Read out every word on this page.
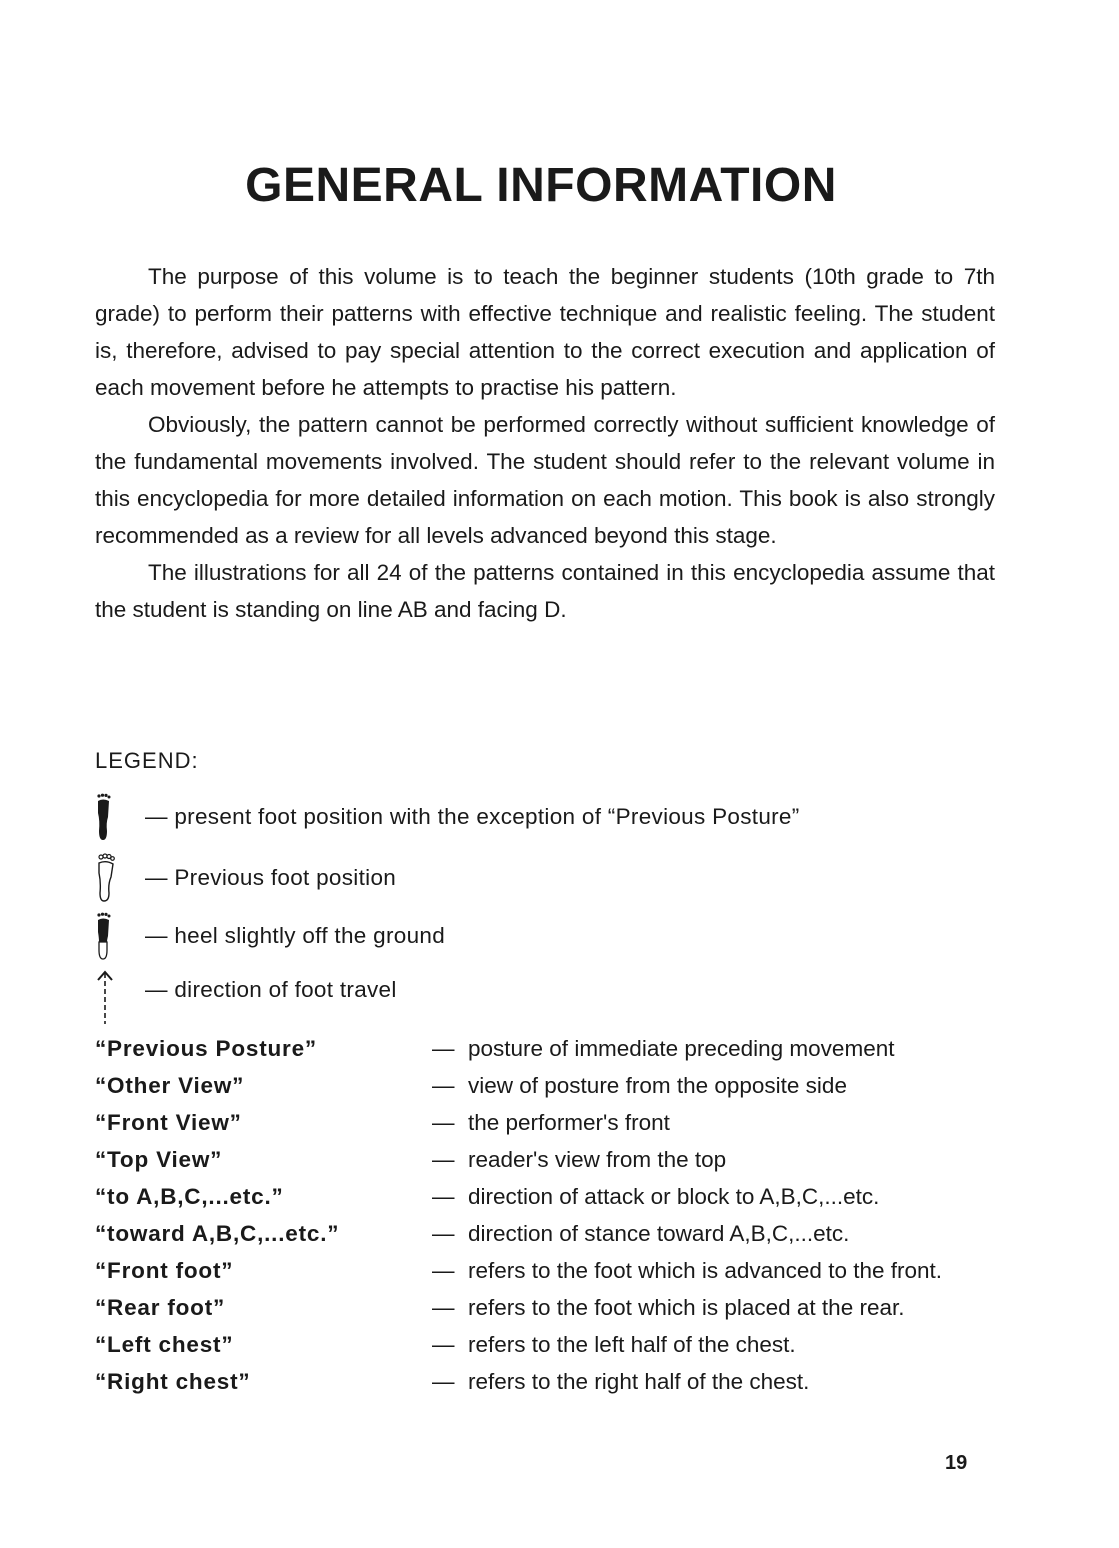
GENERAL INFORMATION

The purpose of this volume is to teach the beginner students (10th grade to 7th grade) to perform their patterns with effective technique and realistic feeling. The student is, therefore, advised to pay special attention to the correct execution and application of each movement before he attempts to practise his pattern.

Obviously, the pattern cannot be performed correctly without sufficient knowledge of the fundamental movements involved. The student should refer to the relevant volume in this encyclopedia for more detailed information on each motion. This book is also strongly recommended as a review for all levels advanced beyond this stage.

The illustrations for all 24 of the patterns contained in this encyclopedia assume that the student is standing on line AB and facing D.

LEGEND:
— present foot position with the exception of “Previous Posture”
— Previous foot position
— heel slightly off the ground
— direction of foot travel
“Previous Posture”	— posture of immediate preceding movement
“Other View”	— view of posture from the opposite side
“Front View”	— the performer's front
“Top View”	— reader's view from the top
“to A,B,C,...etc.”	— direction of attack or block to A,B,C,...etc.
“toward A,B,C,...etc.”	— direction of stance toward A,B,C,...etc.
“Front foot”	— refers to the foot which is advanced to the front.
“Rear foot”	— refers to the foot which is placed at the rear.
“Left chest”	— refers to the left half of the chest.
“Right chest”	— refers to the right half of the chest.
19
